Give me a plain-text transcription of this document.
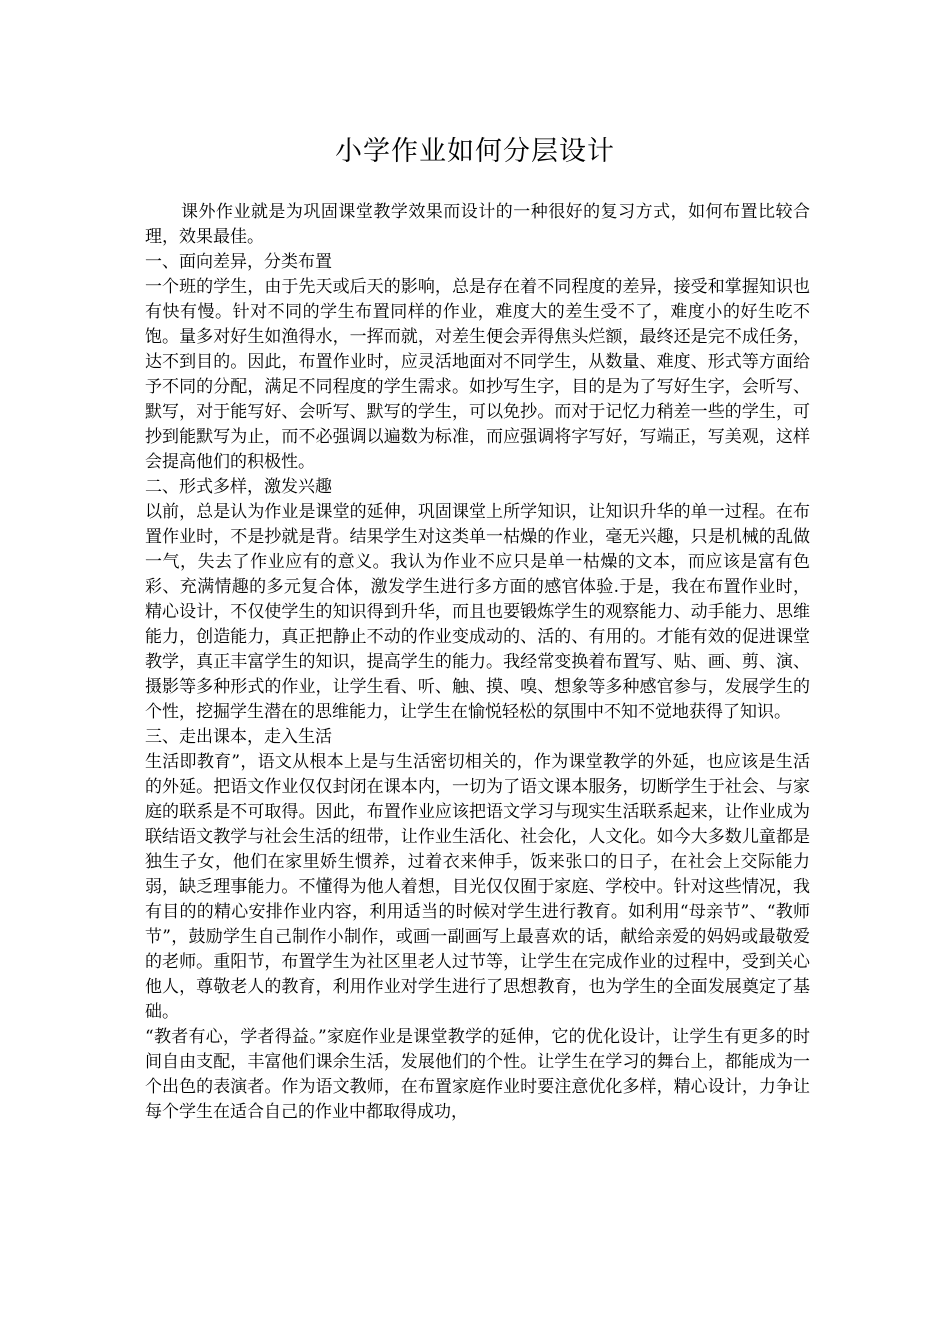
小学作业如何分层设计

课外作业就是为巩固课堂教学效果而设计的一种很好的复习方式，如何布置比较合理，效果最佳。

一、面向差异，分类布置

一个班的学生，由于先天或后天的影响，总是存在着不同程度的差异，接受和掌握知识也有快有慢。针对不同的学生布置同样的作业，难度大的差生受不了，难度小的好生吃不饱。量多对好生如渔得水，一挥而就，对差生便会弄得焦头烂额，最终还是完不成任务，达不到目的。因此，布置作业时，应灵活地面对不同学生，从数量、难度、形式等方面给予不同的分配，满足不同程度的学生需求。如抄写生字，目的是为了写好生字，会听写、默写，对于能写好、会听写、默写的学生，可以免抄。而对于记忆力稍差一些的学生，可抄到能默写为止，而不必强调以遍数为标准，而应强调将字写好，写端正，写美观，这样会提高他们的积极性。

二、形式多样，激发兴趣

以前，总是认为作业是课堂的延伸，巩固课堂上所学知识，让知识升华的单一过程。在布置作业时，不是抄就是背。结果学生对这类单一枯燥的作业，毫无兴趣，只是机械的乱做一气，失去了作业应有的意义。我认为作业不应只是单一枯燥的文本，而应该是富有色彩、充满情趣的多元复合体，激发学生进行多方面的感官体验.于是，我在布置作业时，精心设计，不仅使学生的知识得到升华，而且也要锻炼学生的观察能力、动手能力、思维能力，创造能力，真正把静止不动的作业变成动的、活的、有用的。才能有效的促进课堂教学，真正丰富学生的知识，提高学生的能力。我经常变换着布置写、贴、画、剪、演、摄影等多种形式的作业，让学生看、听、触、摸、嗅、想象等多种感官参与，发展学生的个性，挖掘学生潜在的思维能力，让学生在愉悦轻松的氛围中不知不觉地获得了知识。

三、走出课本，走入生活

生活即教育”，语文从根本上是与生活密切相关的，作为课堂教学的外延，也应该是生活的外延。把语文作业仅仅封闭在课本内，一切为了语文课本服务，切断学生于社会、与家庭的联系是不可取得。因此，布置作业应该把语文学习与现实生活联系起来，让作业成为联结语文教学与社会生活的纽带，让作业生活化、社会化，人文化。如今大多数儿童都是独生子女，他们在家里娇生惯养，过着衣来伸手，饭来张口的日子，在社会上交际能力弱，缺乏理事能力。不懂得为他人着想，目光仅仅囿于家庭、学校中。针对这些情况，我有目的的精心安排作业内容，利用适当的时候对学生进行教育。如利用“母亲节”、“教师节”，鼓励学生自己制作小制作，或画一副画写上最喜欢的话，献给亲爱的妈妈或最敬爱的老师。重阳节，布置学生为社区里老人过节等，让学生在完成作业的过程中，受到关心他人，尊敬老人的教育，利用作业对学生进行了思想教育，也为学生的全面发展奠定了基础。

“教者有心，学者得益。”家庭作业是课堂教学的延伸，它的优化设计，让学生有更多的时间自由支配，丰富他们课余生活，发展他们的个性。让学生在学习的舞台上，都能成为一个出色的表演者。作为语文教师，在布置家庭作业时要注意优化多样，精心设计，力争让每个学生在适合自己的作业中都取得成功，
